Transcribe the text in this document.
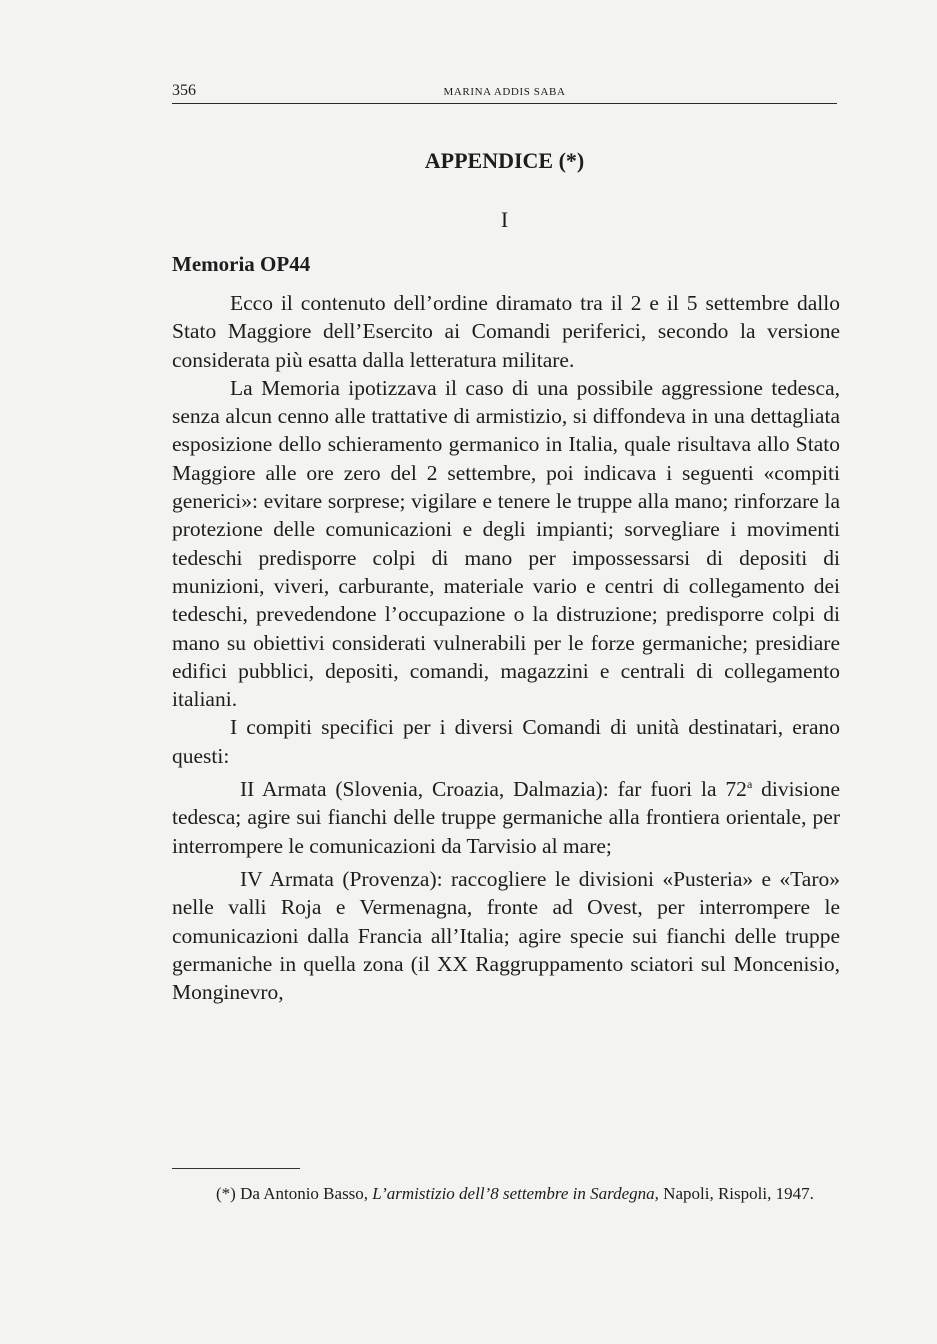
356	MARINA ADDIS SABA
APPENDICE (*)
I
Memoria OP44

Ecco il contenuto dell’ordine diramato tra il 2 e il 5 settembre dallo Stato Maggiore dell’Esercito ai Comandi periferici, secondo la versione considerata più esatta dalla letteratura militare.

La Memoria ipotizzava il caso di una possibile aggressione tedesca, senza alcun cenno alle trattative di armistizio, si diffondeva in una dettagliata esposizione dello schieramento germanico in Italia, quale risultava allo Stato Maggiore alle ore zero del 2 settembre, poi indicava i seguenti «compiti generici»: evitare sorprese; vigilare e tenere le truppe alla mano; rinforzare la protezione delle comunicazioni e degli impianti; sorvegliare i movimenti tedeschi predisporre colpi di mano per impossessarsi di depositi di munizioni, viveri, carburante, materiale vario e centri di collegamento dei tedeschi, prevedendone l’occupazione o la distruzione; predisporre colpi di mano su obiettivi considerati vulnerabili per le forze germaniche; presidiare edifici pubblici, depositi, comandi, magazzini e centrali di collegamento italiani.

I compiti specifici per i diversi Comandi di unità destinatari, erano questi:

II Armata (Slovenia, Croazia, Dalmazia): far fuori la 72$^a$ divisione tedesca; agire sui fianchi delle truppe germaniche alla frontiera orientale, per interrompere le comunicazioni da Tarvisio al mare;

IV Armata (Provenza): raccogliere le divisioni «Pusteria» e «Taro» nelle valli Roja e Vermenagna, fronte ad Ovest, per interrompere le comunicazioni dalla Francia all’Italia; agire specie sui fianchi delle truppe germaniche in quella zona (il XX Raggruppamento sciatori sul Moncenisio, Monginevro,

(*) Da Antonio Basso, L’armistizio dell’8 settembre in Sardegna, Napoli, Rispoli, 1947.
